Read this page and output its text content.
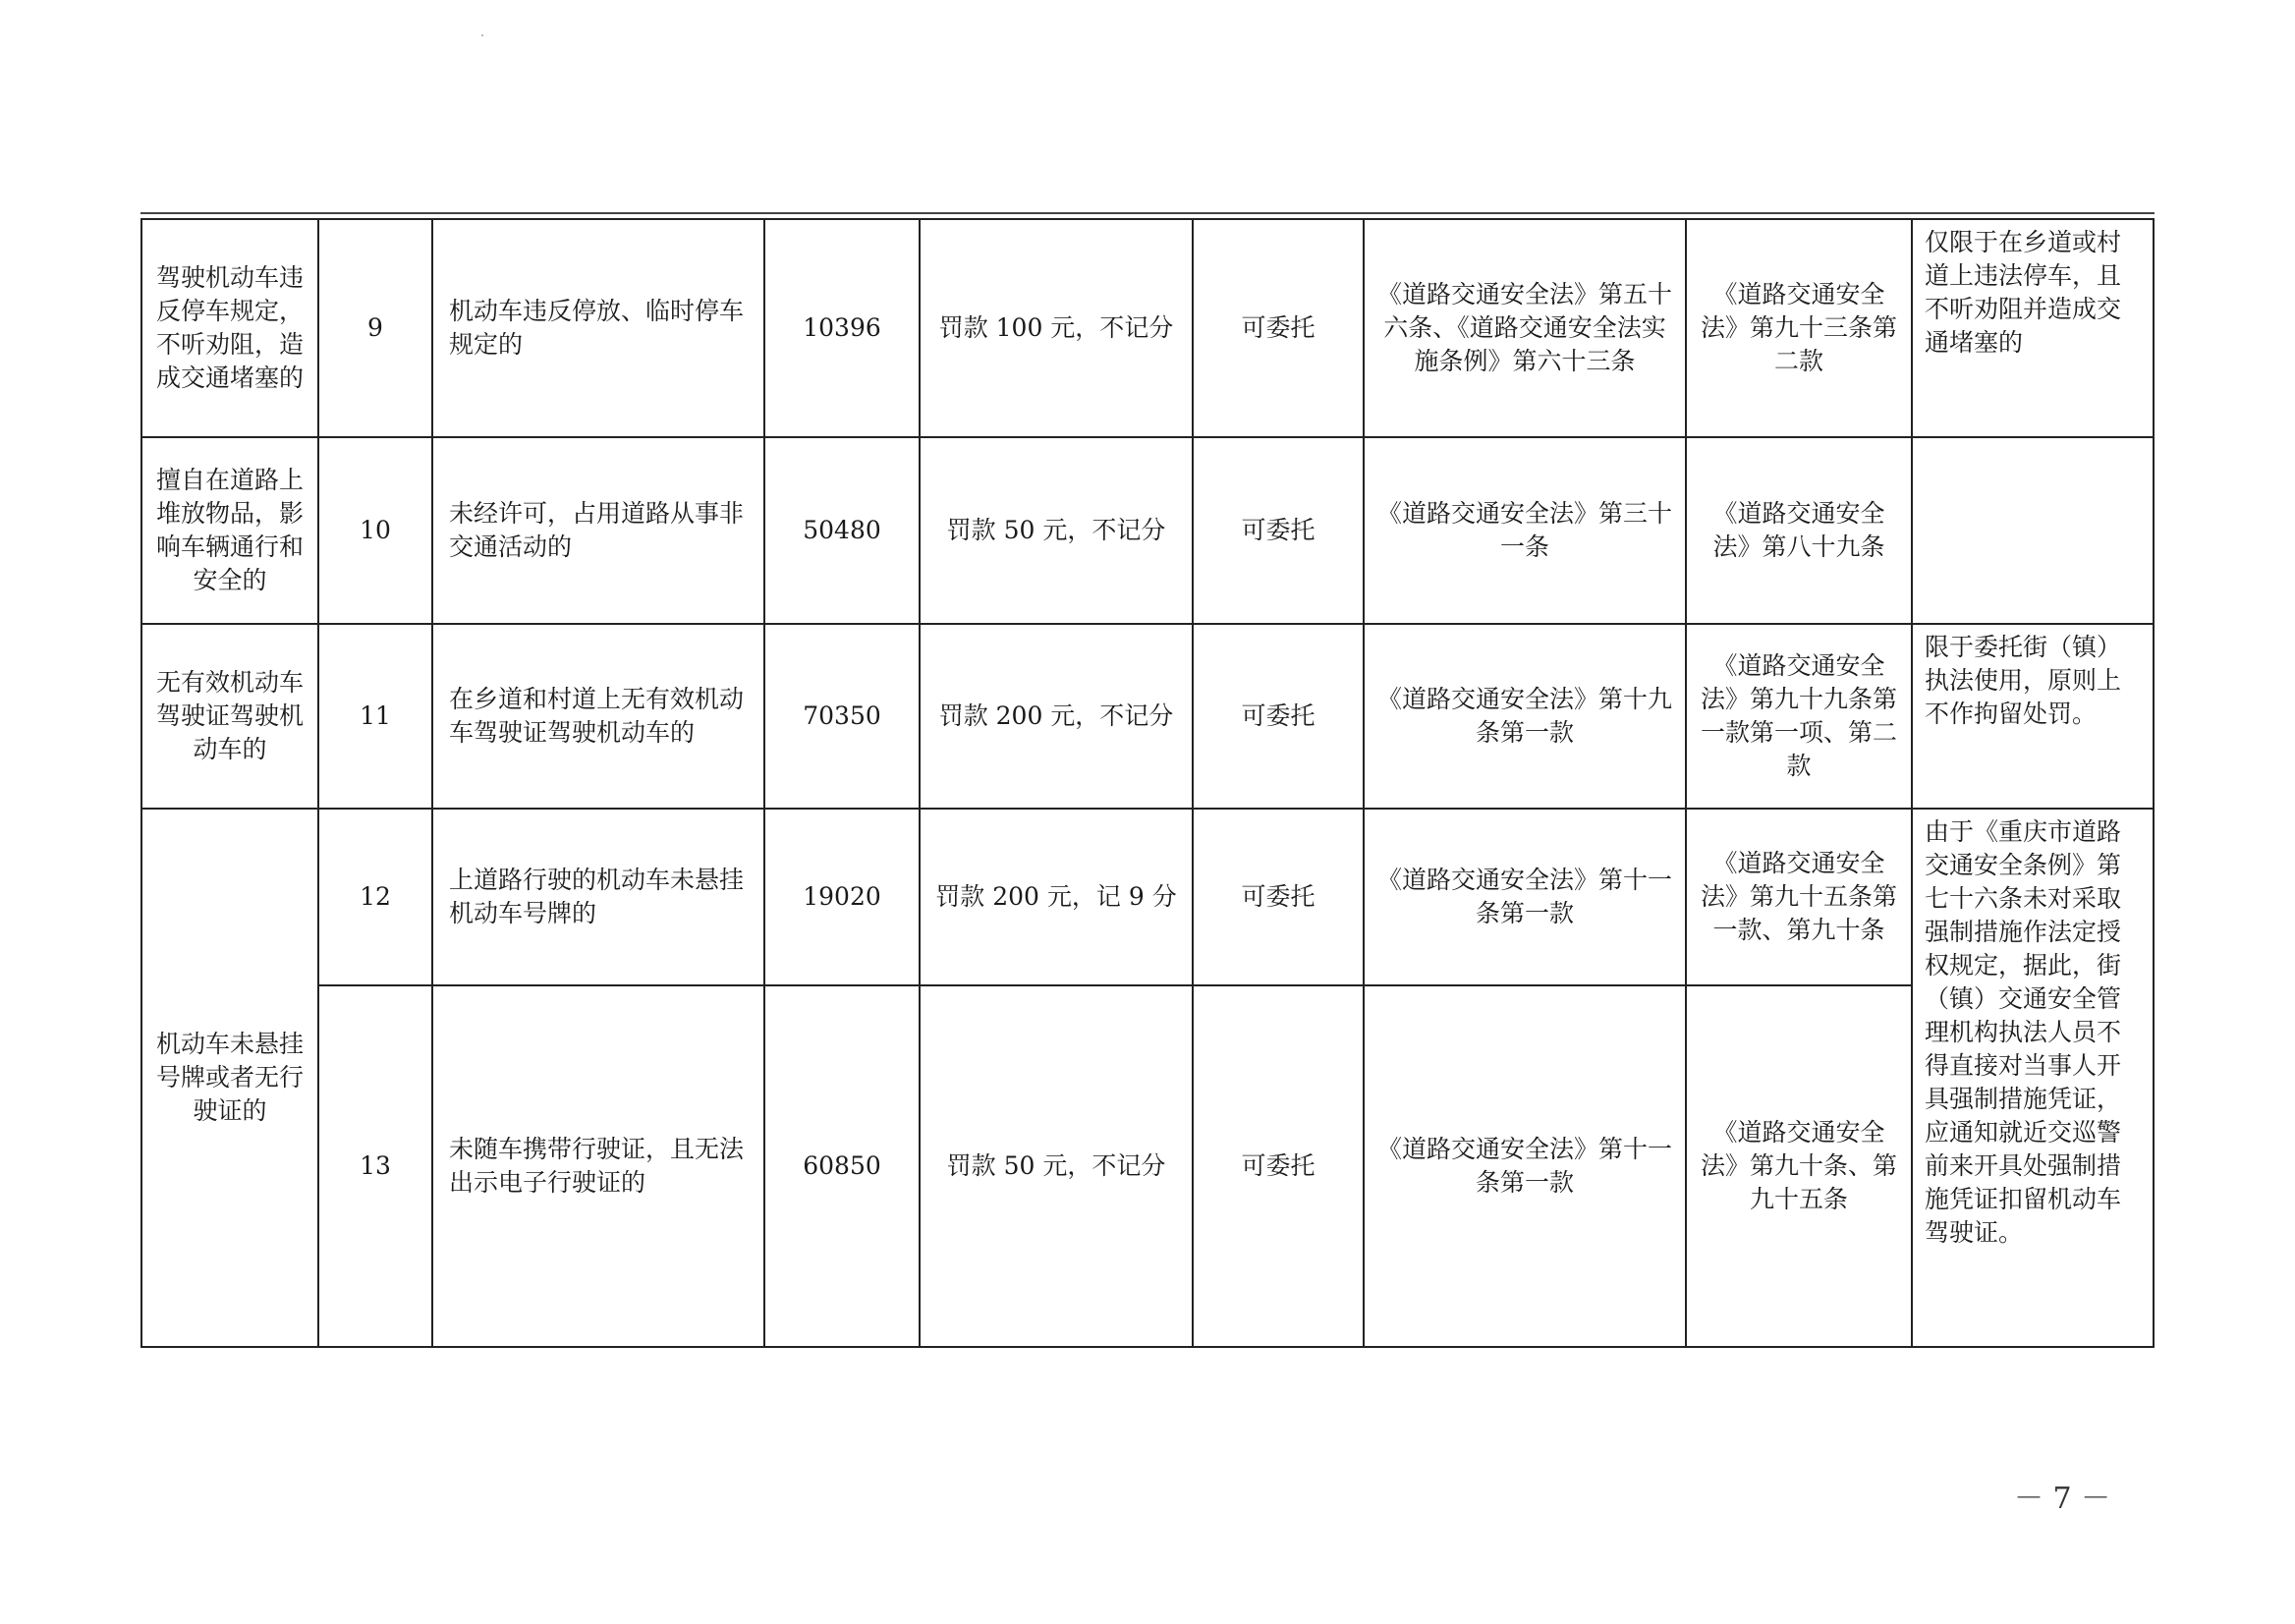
驾驶机动车违反停车规定，不听劝阻，造成交通堵塞的	9	机动车违反停放、临时停车规定的	10396	罚款 100 元，不记分	可委托	《道路交通安全法》第五十六条、《道路交通安全法实施条例》第六十三条	《道路交通安全法》第九十三条第二款	仅限于在乡道或村道上违法停车，且不听劝阻并造成交通堵塞的
擅自在道路上堆放物品，影响车辆通行和安全的	10	未经许可，占用道路从事非交通活动的	50480	罚款 50 元，不记分	可委托	《道路交通安全法》第三十一条	《道路交通安全法》第八十九条	
无有效机动车驾驶证驾驶机动车的	11	在乡道和村道上无有效机动车驾驶证驾驶机动车的	70350	罚款 200 元，不记分	可委托	《道路交通安全法》第十九条第一款	《道路交通安全法》第九十九条第一款第一项、第二款	限于委托街（镇）执法使用，原则上不作拘留处罚。
机动车未悬挂号牌或者无行驶证的	12	上道路行驶的机动车未悬挂机动车号牌的	19020	罚款 200 元，记 9 分	可委托	《道路交通安全法》第十一条第一款	《道路交通安全法》第九十五条第一款、第九十条	由于《重庆市道路交通安全条例》第七十六条未对采取强制措施作法定授权规定，据此，街（镇）交通安全管理机构执法人员不得直接对当事人开具强制措施凭证，应通知就近交巡警前来开具处强制措施凭证扣留机动车驾驶证。
	13	未随车携带行驶证，且无法出示电子行驶证的	60850	罚款 50 元，不记分	可委托	《道路交通安全法》第十一条第一款	《道路交通安全法》第九十条、第九十五条	
－ 7 －
